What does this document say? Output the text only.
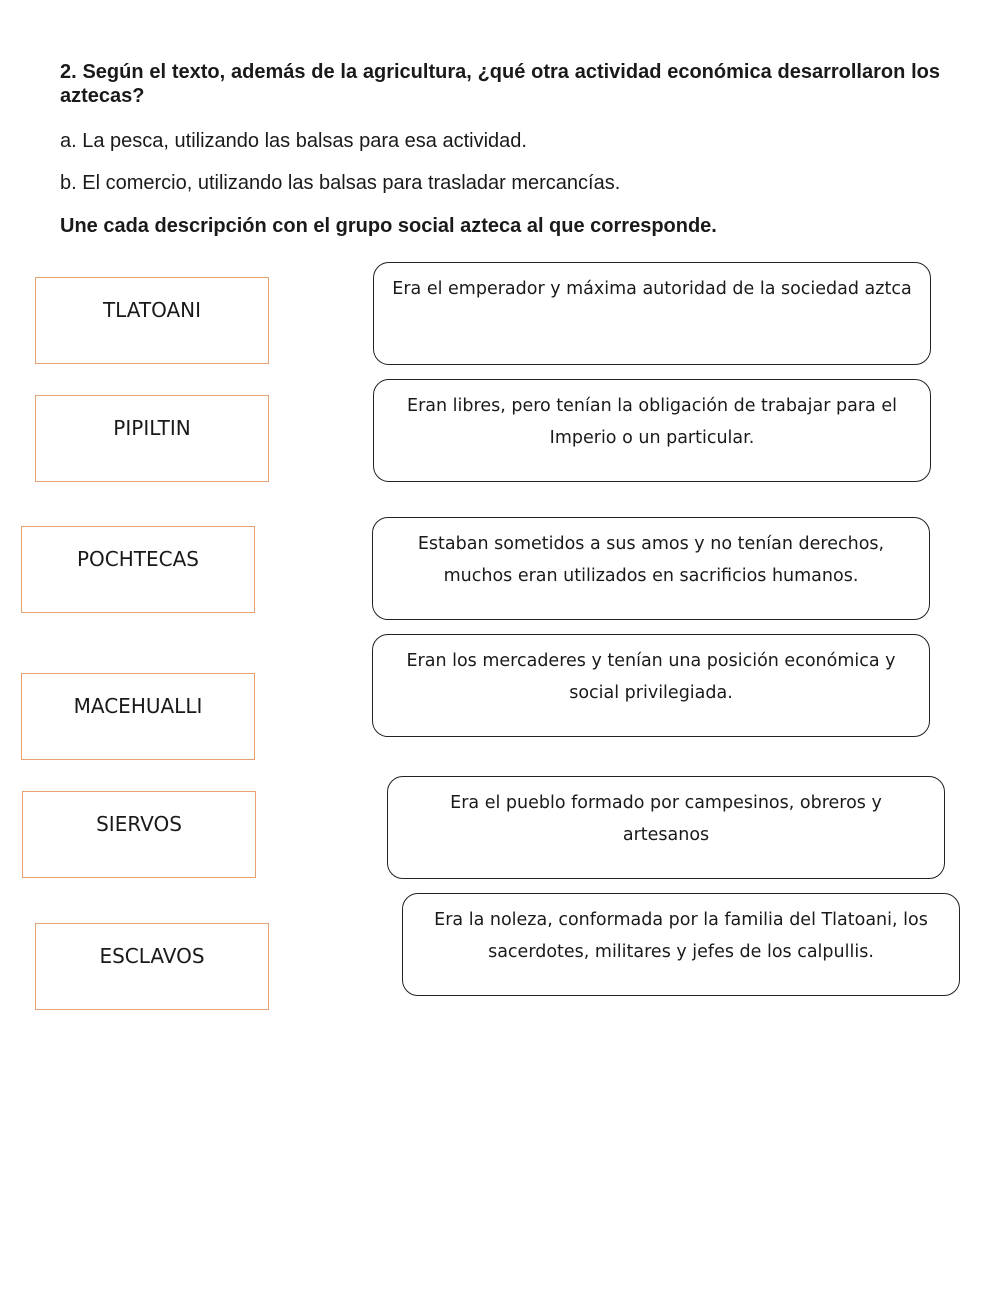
2. Según el texto, además de la agricultura, ¿qué otra actividad económica desarrollaron los aztecas?
a. La pesca, utilizando las balsas para esa actividad.
b. El comercio, utilizando las balsas para trasladar mercancías.
Une cada descripción con el grupo social azteca al que corresponde.
TLATOANI
PIPILTIN
POCHTECAS
MACEHUALLI
SIERVOS
ESCLAVOS
Era el emperador y máxima autoridad de la sociedad aztca
Eran libres, pero tenían la obligación de trabajar para el Imperio o un particular.
Estaban sometidos a sus amos y no tenían derechos, muchos eran utilizados en sacrificios humanos.
Eran los mercaderes y tenían una posición económica y social privilegiada.
Era el pueblo formado por campesinos, obreros y artesanos
Era la noleza, conformada por la familia del Tlatoani, los sacerdotes, militares y jefes de los calpullis.
